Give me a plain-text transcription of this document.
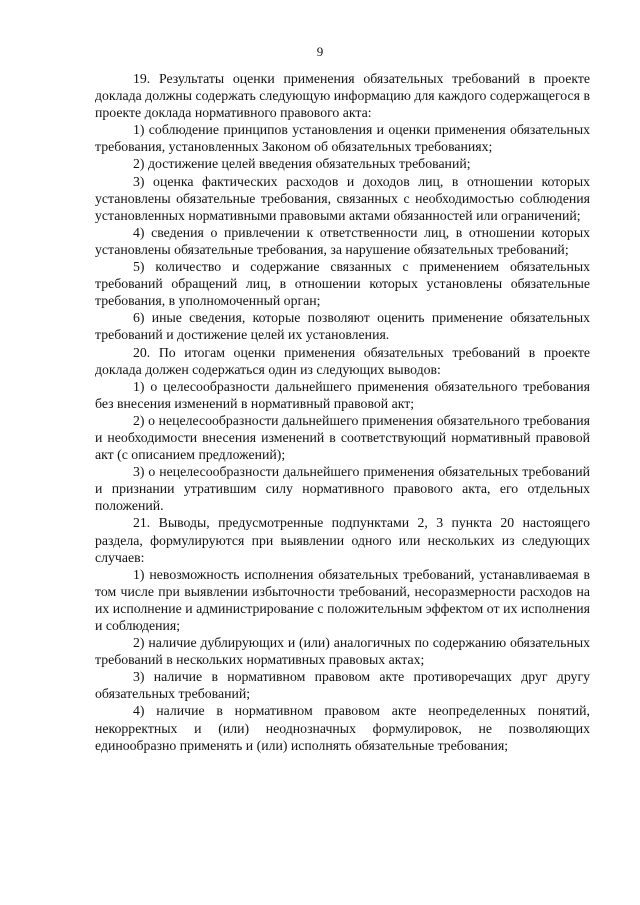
9

19. Результаты оценки применения обязательных требований в проекте доклада должны содержать следующую информацию для каждого содержащегося в проекте доклада нормативного правового акта:

1) соблюдение принципов установления и оценки применения обязательных требования, установленных Законом об обязательных требованиях;

2) достижение целей введения обязательных требований;

3) оценка фактических расходов и доходов лиц, в отношении которых установлены обязательные требования, связанных с необходимостью соблюдения установленных нормативными правовыми актами обязанностей или ограничений;

4) сведения о привлечении к ответственности лиц, в отношении которых установлены обязательные требования, за нарушение обязательных требований;

5) количество и содержание связанных с применением обязательных требований обращений лиц, в отношении которых установлены обязательные требования, в уполномоченный орган;

6) иные сведения, которые позволяют оценить применение обязательных требований и достижение целей их установления.

20. По итогам оценки применения обязательных требований в проекте доклада должен содержаться один из следующих выводов:

1) о целесообразности дальнейшего применения обязательного требования без внесения изменений в нормативный правовой акт;

2) о нецелесообразности дальнейшего применения обязательного требования и необходимости внесения изменений в соответствующий нормативный правовой акт (с описанием предложений);

3) о нецелесообразности дальнейшего применения обязательных требований и признании утратившим силу нормативного правового акта, его отдельных положений.

21. Выводы, предусмотренные подпунктами 2, 3 пункта 20 настоящего раздела, формулируются при выявлении одного или нескольких из следующих случаев:

1) невозможность исполнения обязательных требований, устанавливаемая в том числе при выявлении избыточности требований, несоразмерности расходов на их исполнение и администрирование с положительным эффектом от их исполнения и соблюдения;

2) наличие дублирующих и (или) аналогичных по содержанию обязательных требований в нескольких нормативных правовых актах;

3) наличие в нормативном правовом акте противоречащих друг другу обязательных требований;

4) наличие в нормативном правовом акте неопределенных понятий, некорректных и (или) неоднозначных формулировок, не позволяющих единообразно применять и (или) исполнять обязательные требования;
